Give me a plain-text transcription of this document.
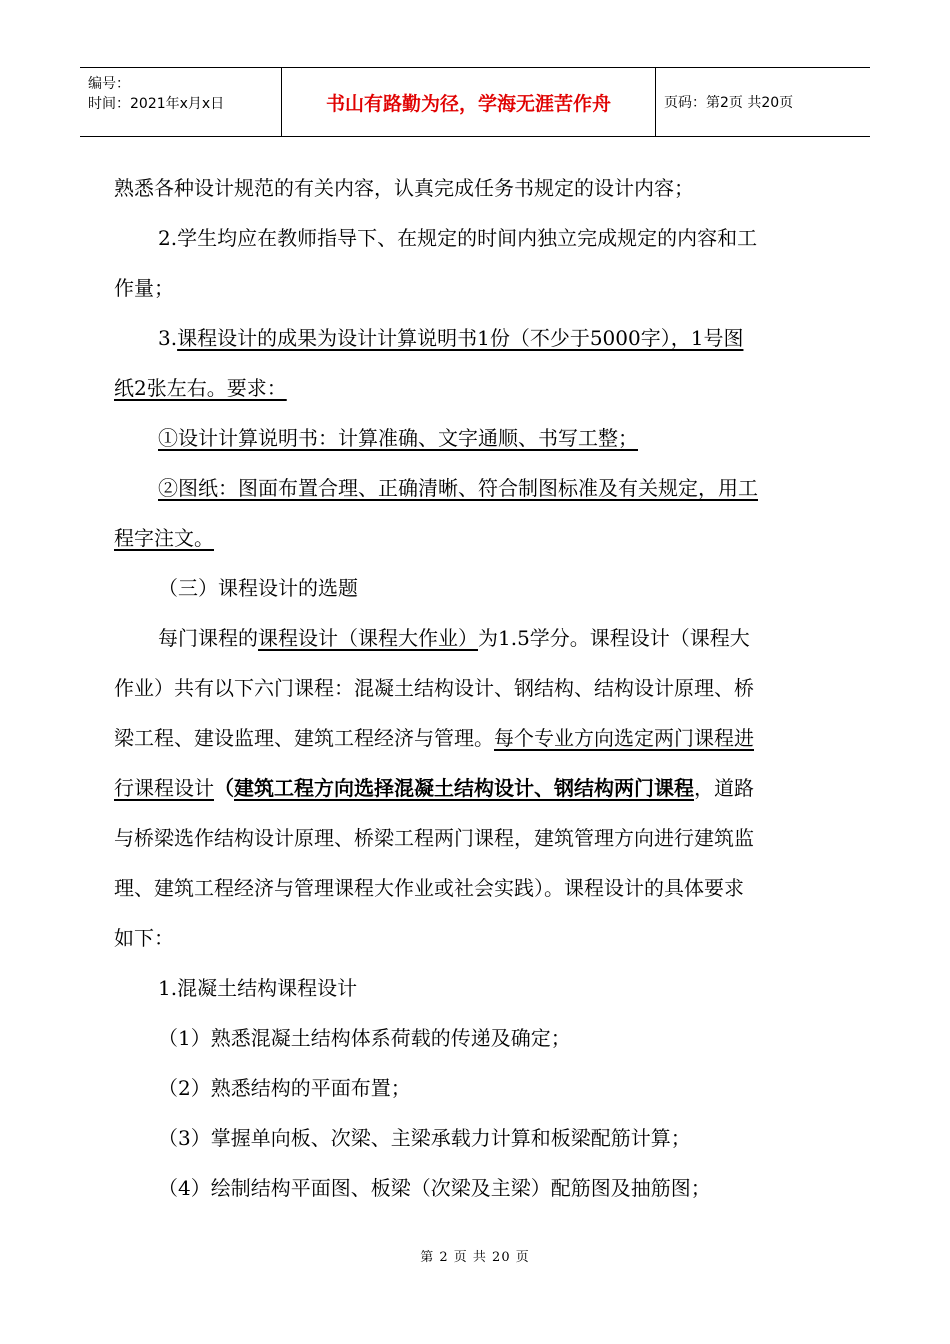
编号：
时间：2021年x月x日	书山有路勤为径，学海无涯苦作舟	页码：第2页 共20页
熟悉各种设计规范的有关内容，认真完成任务书规定的设计内容；
2.学生均应在教师指导下、在规定的时间内独立完成规定的内容和工
作量；
3.课程设计的成果为设计计算说明书1份（不少于5000字），1号图
纸2张左右。要求：
①设计计算说明书：计算准确、文字通顺、书写工整；
②图纸：图面布置合理、正确清晰、符合制图标准及有关规定，用工
程字注文。
（三）课程设计的选题
每门课程的课程设计（课程大作业）为1.5学分。课程设计（课程大
作业）共有以下六门课程：混凝土结构设计、钢结构、结构设计原理、桥
梁工程、建设监理、建筑工程经济与管理。每个专业方向选定两门课程进
行课程设计（建筑工程方向选择混凝土结构设计、钢结构两门课程，道路
与桥梁选作结构设计原理、桥梁工程两门课程，建筑管理方向进行建筑监
理、建筑工程经济与管理课程大作业或社会实践）。课程设计的具体要求
如下：
1.混凝土结构课程设计
（1）熟悉混凝土结构体系荷载的传递及确定；
（2）熟悉结构的平面布置；
（3）掌握单向板、次梁、主梁承载力计算和板梁配筋计算；
（4）绘制结构平面图、板梁（次梁及主梁）配筋图及抽筋图；
第 2 页 共 20 页
